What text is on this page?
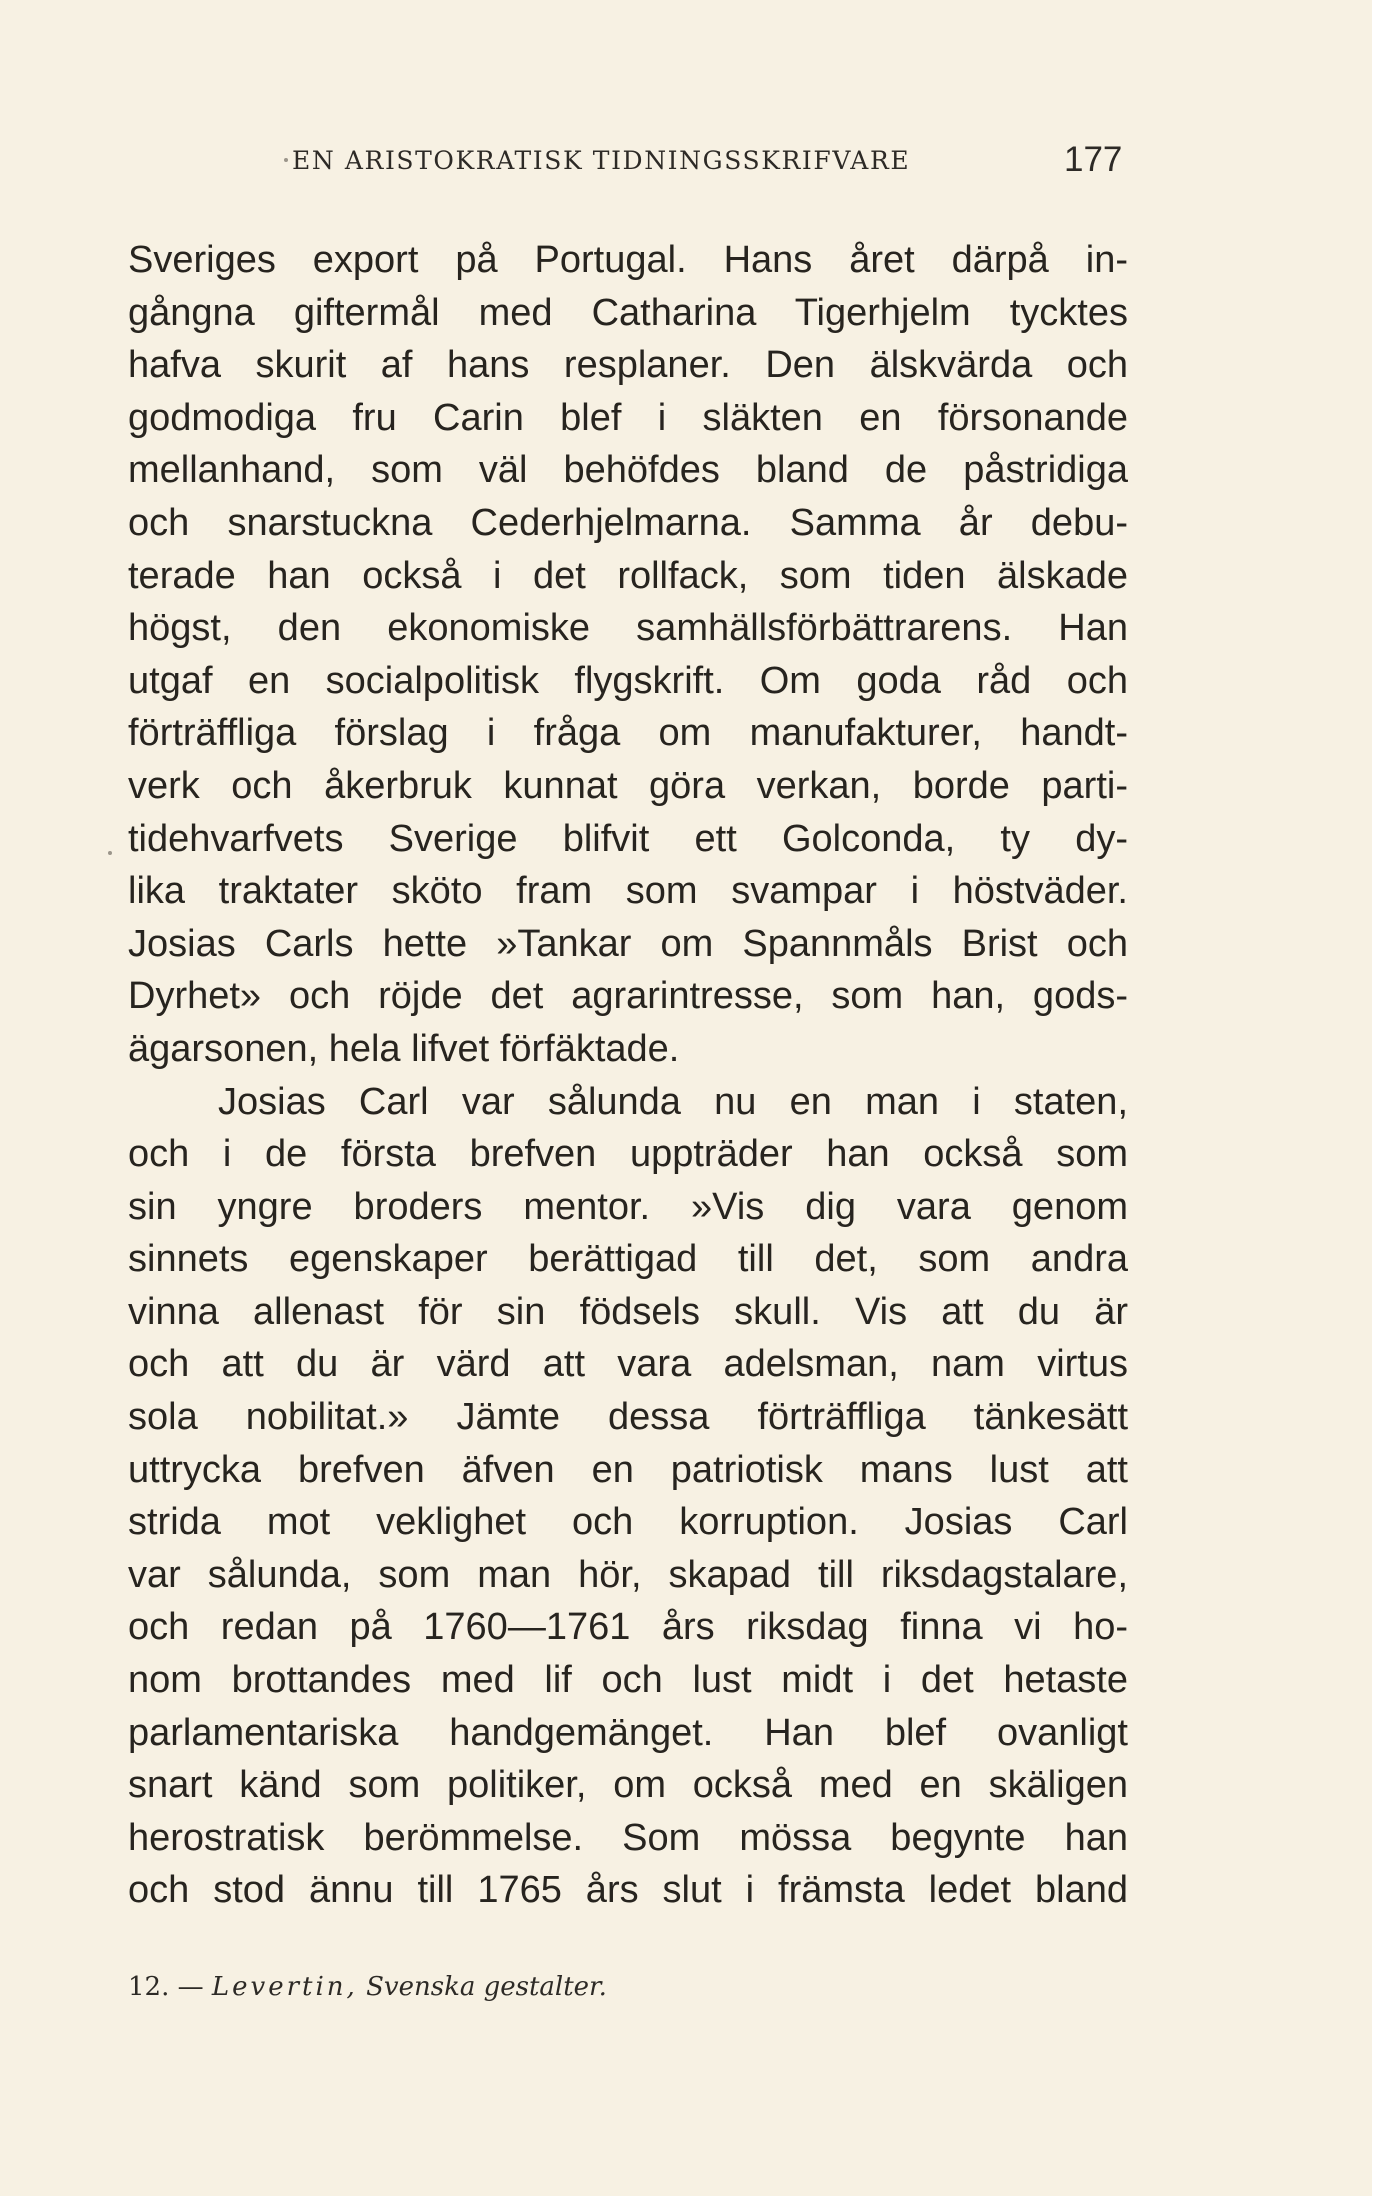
EN ARISTOKRATISK TIDNINGSSKRIFVARE	177
Sveriges export på Portugal. Hans året därpå in-
gångna giftermål med Catharina Tigerhjelm tycktes
hafva skurit af hans resplaner. Den älskvärda och
godmodiga fru Carin blef i släkten en försonande
mellanhand, som väl behöfdes bland de påstridiga
och snarstuckna Cederhjelmarna. Samma år debu-
terade han också i det rollfack, som tiden älskade
högst, den ekonomiske samhällsförbättrarens. Han
utgaf en socialpolitisk flygskrift. Om goda råd och
förträffliga förslag i fråga om manufakturer, handt-
verk och åkerbruk kunnat göra verkan, borde parti-
tidehvarfvets Sverige blifvit ett Golconda, ty dy-
lika traktater sköto fram som svampar i höstväder.
Josias Carls hette »Tankar om Spannmåls Brist och
Dyrhet» och röjde det agrarintresse, som han, gods-
ägarsonen, hela lifvet förfäktade.
Josias Carl var sålunda nu en man i staten,
och i de första brefven uppträder han också som
sin yngre broders mentor. »Vis dig vara genom
sinnets egenskaper berättigad till det, som andra
vinna allenast för sin födsels skull. Vis att du är
och att du är värd att vara adelsman, nam virtus
sola nobilitat.» Jämte dessa förträffliga tänkesätt
uttrycka brefven äfven en patriotisk mans lust att
strida mot veklighet och korruption. Josias Carl
var sålunda, som man hör, skapad till riksdagstalare,
och redan på 1760—1761 års riksdag finna vi ho-
nom brottandes med lif och lust midt i det hetaste
parlamentariska handgemänget. Han blef ovanligt
snart känd som politiker, om också med en skäligen
herostratisk berömmelse. Som mössa begynte han
och stod ännu till 1765 års slut i främsta ledet bland
12. — Levertin, Svenska gestalter.
